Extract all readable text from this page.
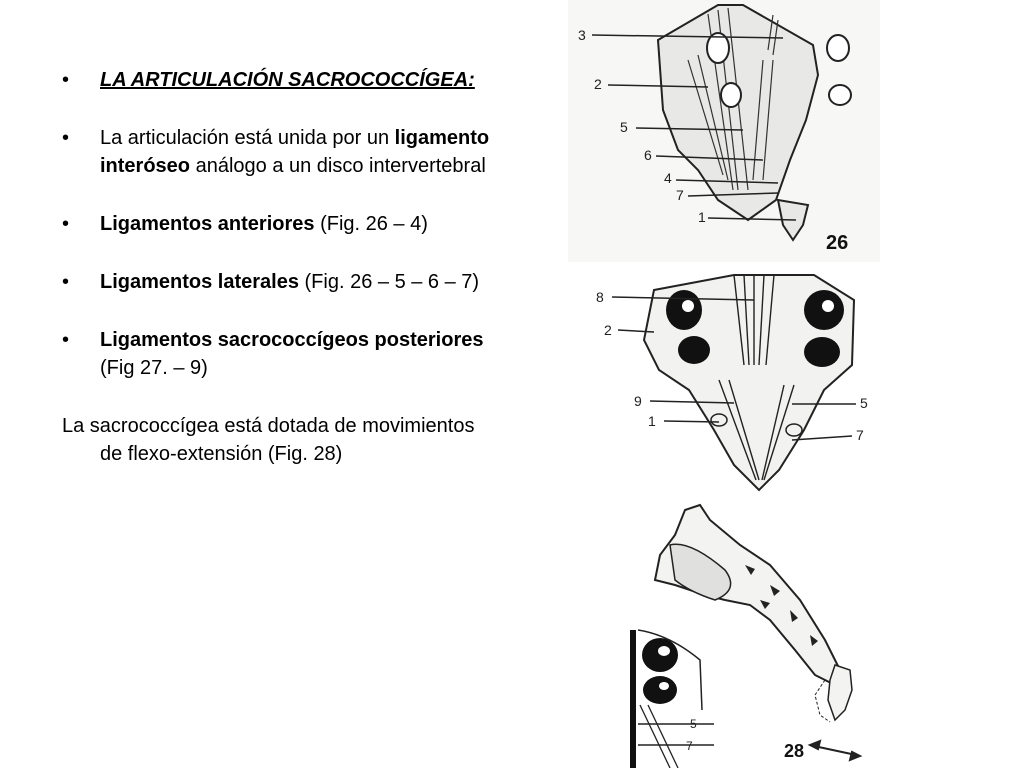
• LA ARTICULACIÓN SACROCOCCÍGEA:
• La articulación está unida por un ligamento interóseo análogo a un disco intervertebral
• Ligamentos anteriores (Fig. 26 – 4)
• Ligamentos laterales (Fig. 26 – 5 – 6 – 7)
• Ligamentos sacrococcígeos posteriores (Fig 27. – 9)
La sacrococcígea está dotada de movimientos de flexo-extensión (Fig. 28)
3
2
5
6
4
7
1
26
8
2
9
1
5
7
5
7	28
